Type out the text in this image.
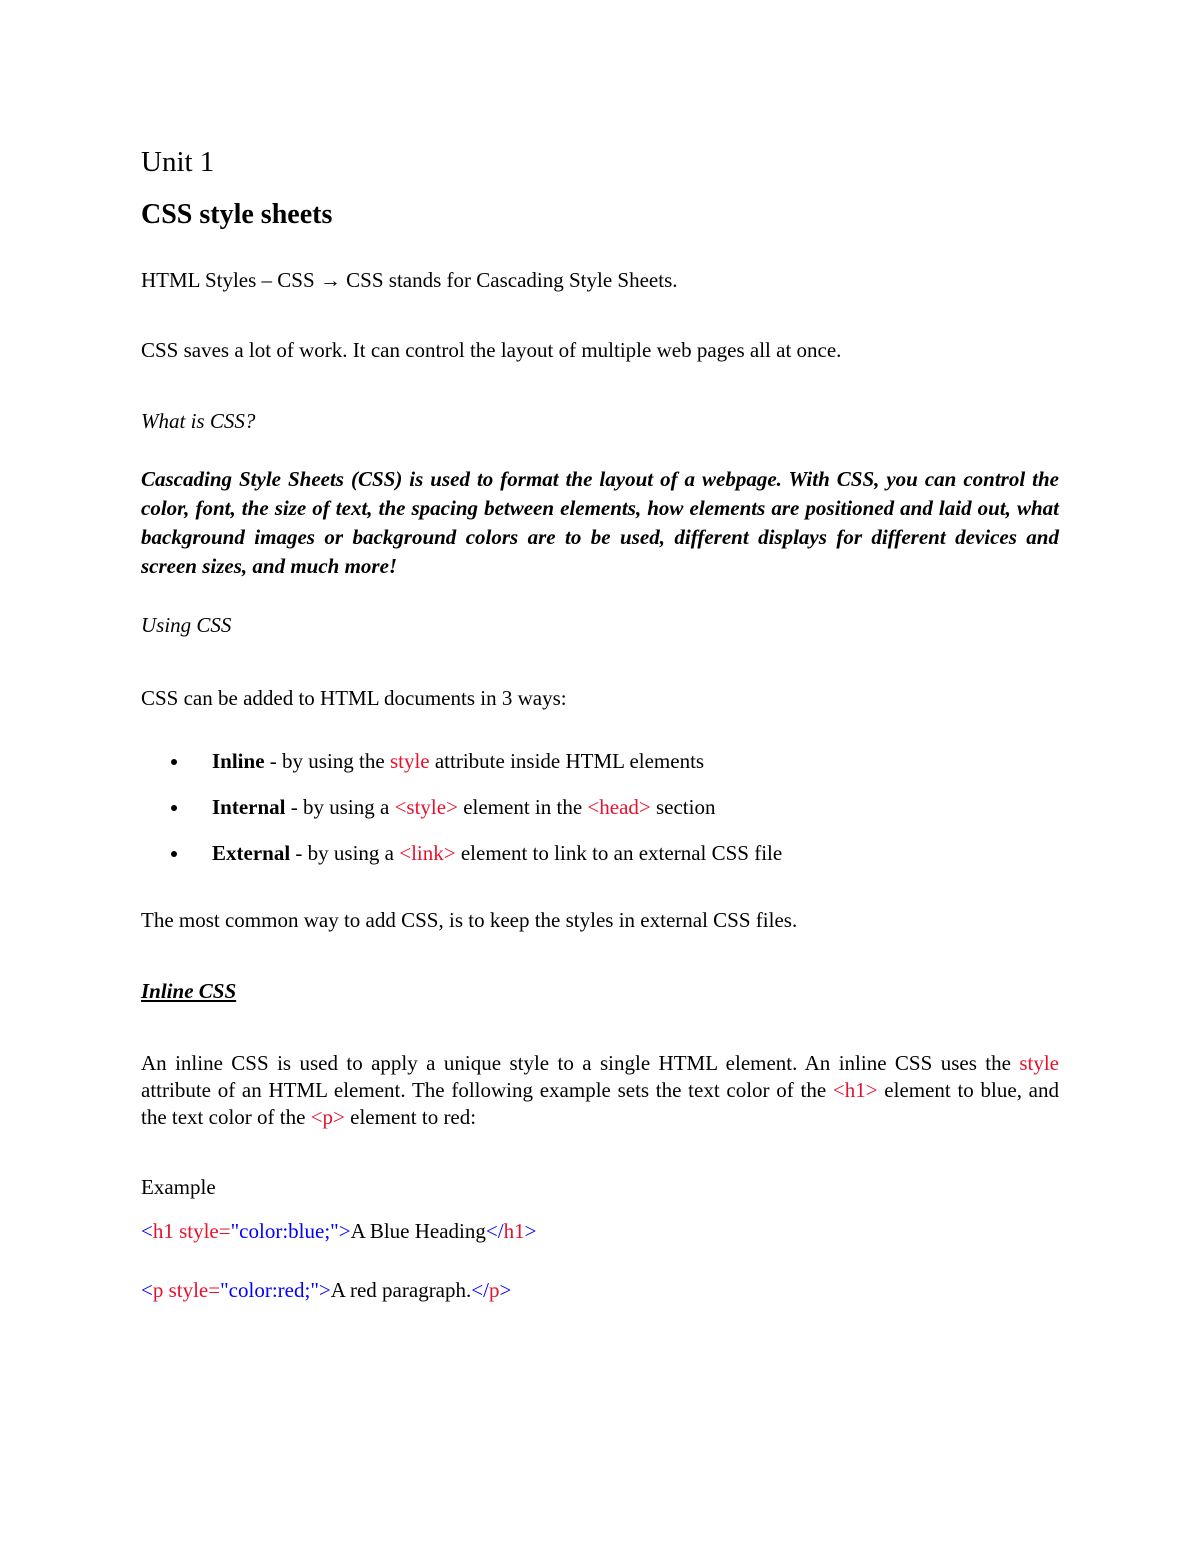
Unit 1
CSS style sheets
HTML Styles – CSS → CSS stands for Cascading Style Sheets.
CSS saves a lot of work. It can control the layout of multiple web pages all at once.
What is CSS?
Cascading Style Sheets (CSS) is used to format the layout of a webpage. With CSS, you can control the color, font, the size of text, the spacing between elements, how elements are positioned and laid out, what background images or background colors are to be used, different displays for different devices and screen sizes, and much more!
Using CSS
CSS can be added to HTML documents in 3 ways:
Inline - by using the style attribute inside HTML elements
Internal - by using a <style> element in the <head> section
External - by using a <link> element to link to an external CSS file
The most common way to add CSS, is to keep the styles in external CSS files.
Inline CSS
An inline CSS is used to apply a unique style to a single HTML element. An inline CSS uses the style attribute of an HTML element. The following example sets the text color of the <h1> element to blue, and the text color of the <p> element to red:
Example
<h1 style="color:blue;">A Blue Heading</h1>
<p style="color:red;">A red paragraph.</p>
